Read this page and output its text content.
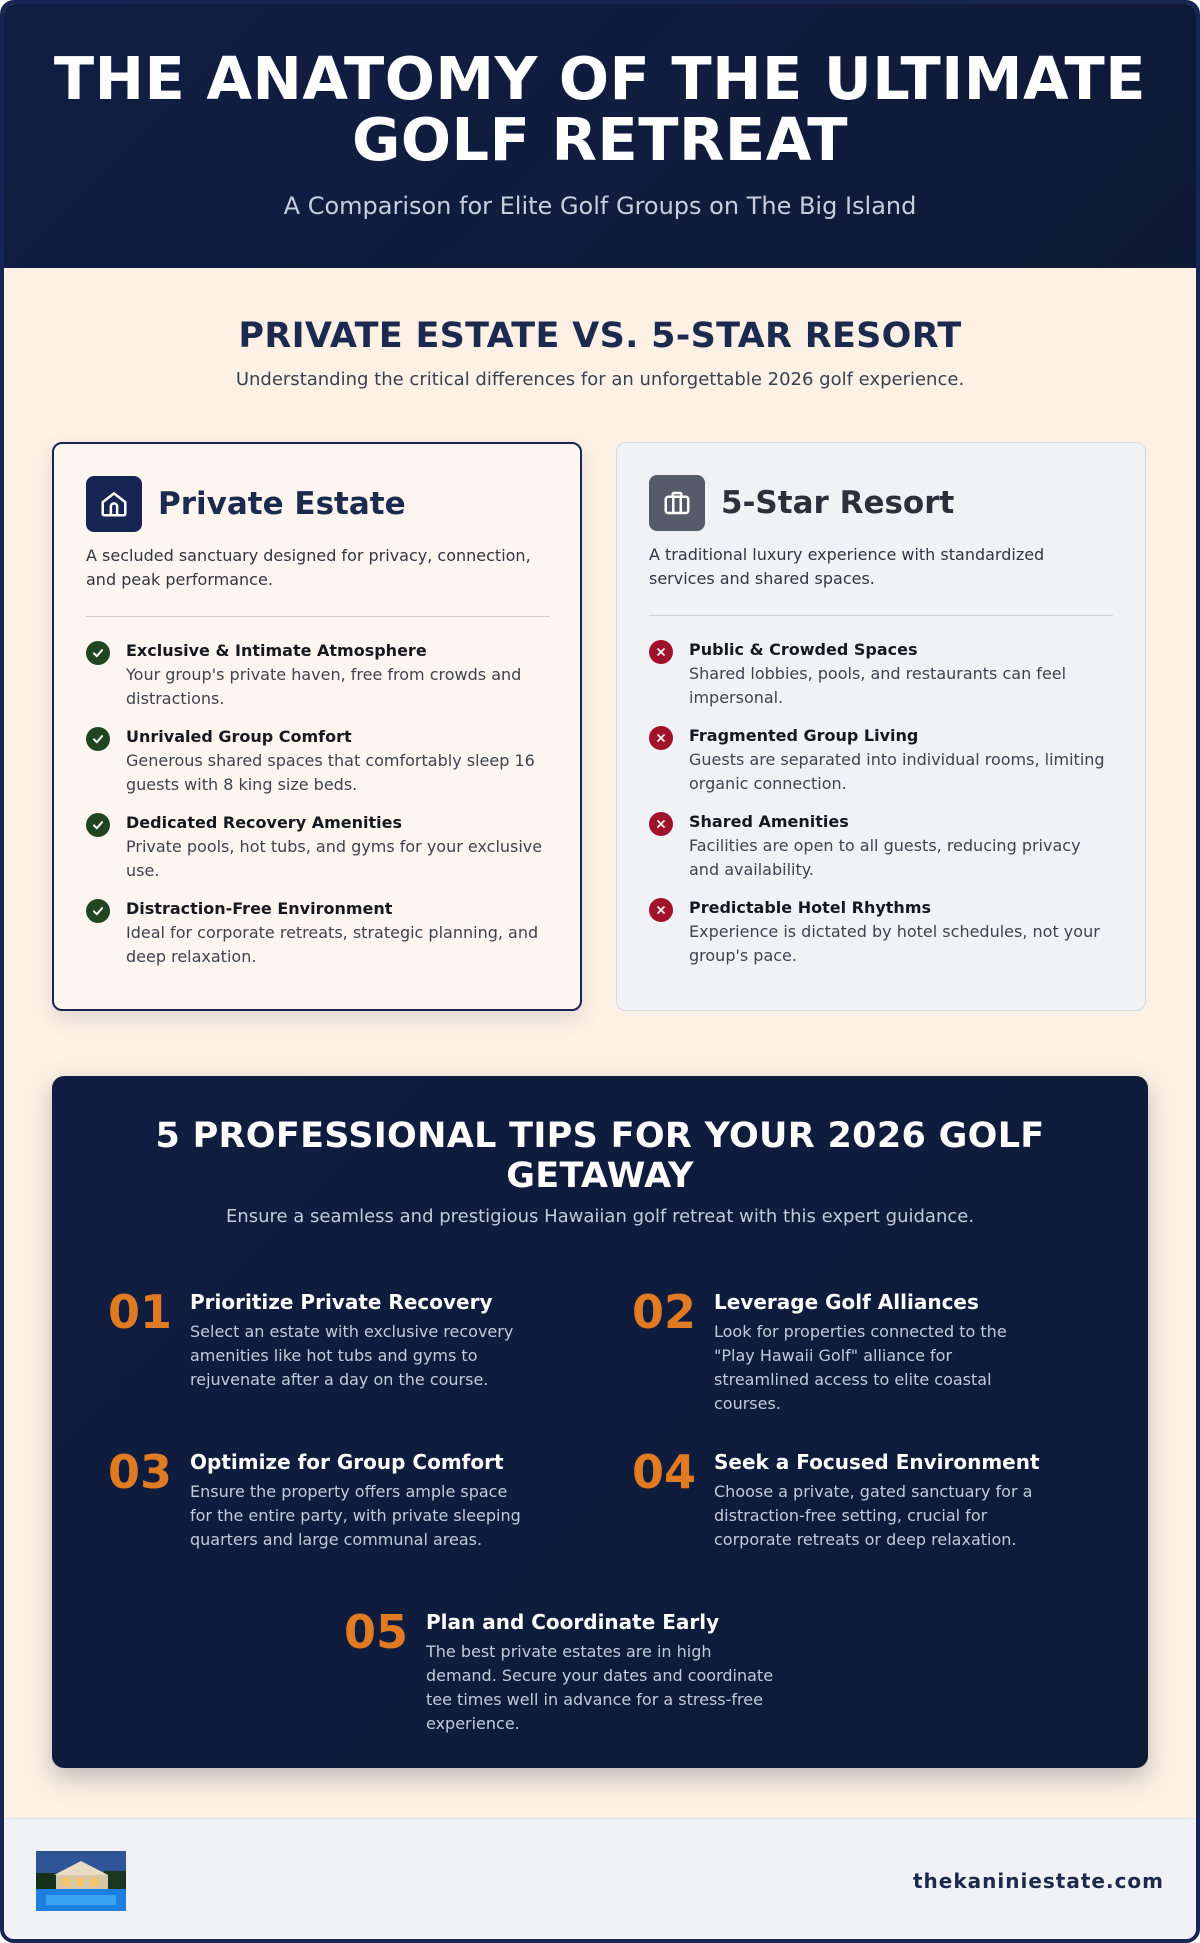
THE ANATOMY OF THE ULTIMATE GOLF RETREAT
A Comparison for Elite Golf Groups on The Big Island
PRIVATE ESTATE VS. 5-STAR RESORT
Understanding the critical differences for an unforgettable 2026 golf experience.
Private Estate
A secluded sanctuary designed for privacy, connection, and peak performance.
Exclusive & Intimate Atmosphere
Your group's private haven, free from crowds and distractions.
Unrivaled Group Comfort
Generous shared spaces that comfortably sleep 16 guests with 8 king size beds.
Dedicated Recovery Amenities
Private pools, hot tubs, and gyms for your exclusive use.
Distraction-Free Environment
Ideal for corporate retreats, strategic planning, and deep relaxation.
5-Star Resort
A traditional luxury experience with standardized services and shared spaces.
Public & Crowded Spaces
Shared lobbies, pools, and restaurants can feel impersonal.
Fragmented Group Living
Guests are separated into individual rooms, limiting organic connection.
Shared Amenities
Facilities are open to all guests, reducing privacy and availability.
Predictable Hotel Rhythms
Experience is dictated by hotel schedules, not your group's pace.
5 PROFESSIONAL TIPS FOR YOUR 2026 GOLF GETAWAY
Ensure a seamless and prestigious Hawaiian golf retreat with this expert guidance.
01 Prioritize Private Recovery
Select an estate with exclusive recovery amenities like hot tubs and gyms to rejuvenate after a day on the course.
02 Leverage Golf Alliances
Look for properties connected to the "Play Hawaii Golf" alliance for streamlined access to elite coastal courses.
03 Optimize for Group Comfort
Ensure the property offers ample space for the entire party, with private sleeping quarters and large communal areas.
04 Seek a Focused Environment
Choose a private, gated sanctuary for a distraction-free setting, crucial for corporate retreats or deep relaxation.
05 Plan and Coordinate Early
The best private estates are in high demand. Secure your dates and coordinate tee times well in advance for a stress-free experience.
thekaniniestate.com
